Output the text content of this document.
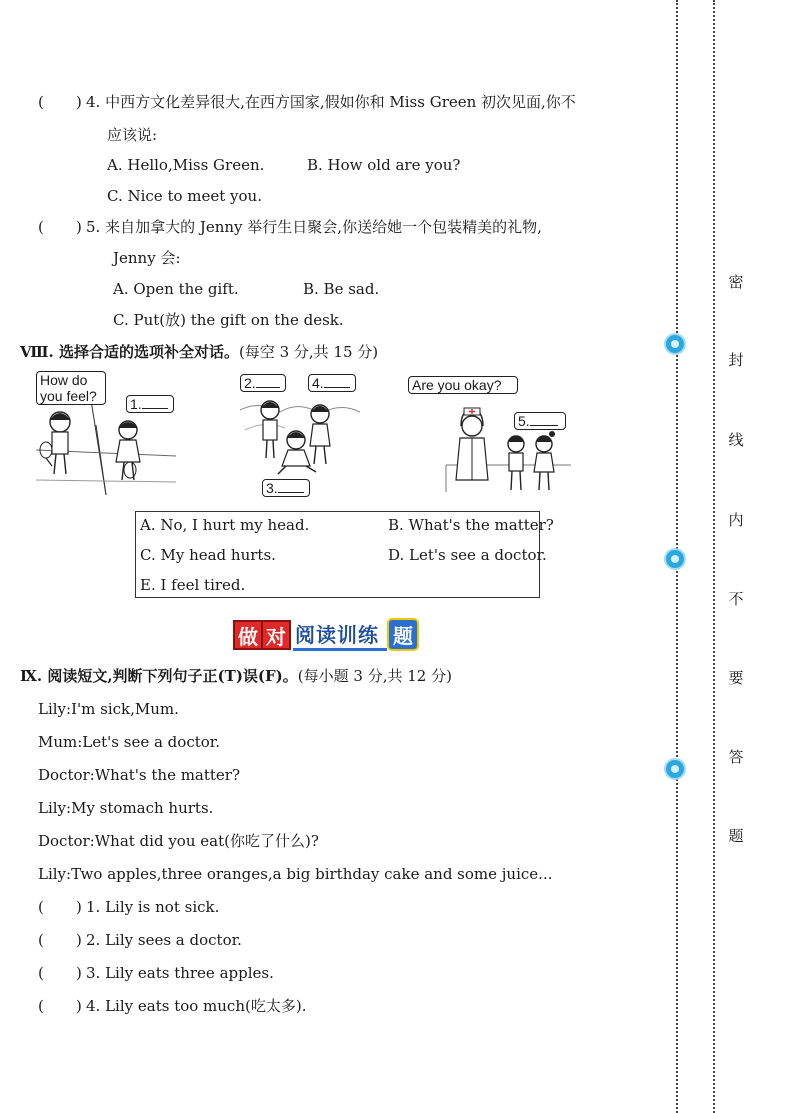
( ) 4. 中西方文化差异很大,在西方国家,假如你和 Miss Green 初次见面,你不
应该说:
A. Hello,Miss Green.	B. How old are you?
C. Nice to meet you.
( ) 5. 来自加拿大的 Jenny 举行生日聚会,你送给她一个包装精美的礼物,
Jenny 会:
A. Open the gift.	B. Be sad.
C. Put(放) the gift on the desk.
Ⅷ. 选择合适的选项补全对话。(每空 3 分,共 15 分)
How do
you feel?	1.
2.	4.
3.
Are you okay?
5.
A. No, I hurt my head.	B. What's the matter?
C. My head hurts.	D. Let's see a doctor.
E. I feel tired.
做 对 阅读训练 题
Ⅸ. 阅读短文,判断下列句子正(T)误(F)。(每小题 3 分,共 12 分)
Lily:I'm sick,Mum.
Mum:Let's see a doctor.
Doctor:What's the matter?
Lily:My stomach hurts.
Doctor:What did you eat(你吃了什么)?
Lily:Two apples,three oranges,a big birthday cake and some juice...
( ) 1. Lily is not sick.
( ) 2. Lily sees a doctor.
( ) 3. Lily eats three apples.
( ) 4. Lily eats too much(吃太多).
密
封
线
内
不
要
答
题
